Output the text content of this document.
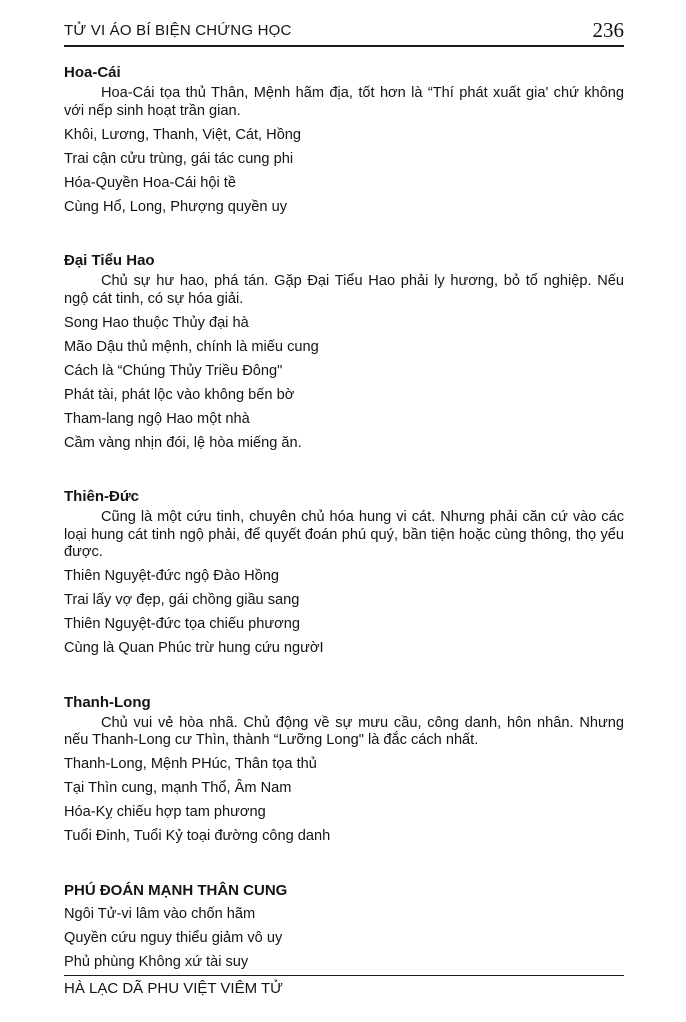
TỬ VI ÁO BÍ BIỆN CHỨNG HỌC	236
Hoa-Cái

Hoa-Cái tọa thủ Thân, Mệnh hãm địa, tốt hơn là “Thí phát xuất gia' chứ không với nếp sinh hoạt trần gian.

Khôi, Lương, Thanh, Việt, Cát, Hồng

Trai cận cửu trùng, gái tác cung phi

Hóa-Quyền Hoa-Cái hội tề

Cùng Hổ, Long, Phượng quyền uy

Đại Tiểu Hao

Chủ sự hư hao, phá tán. Gặp Đại Tiểu Hao phải ly hương, bỏ tổ nghiệp. Nếu ngộ cát tinh, có sự hóa giải.

Song Hao thuộc Thủy đại hà

Mão Dậu thủ mệnh, chính là miếu cung

Cách là “Chúng Thủy Triều Đông"

Phát tài, phát lộc vào không bến bờ

Tham-lang ngộ Hao một nhà

Cầm vàng nhịn đói, lệ hòa miếng ăn.

Thiên-Đức

Cũng là một cứu tinh, chuyên chủ hóa hung vi cát. Nhưng phải căn cứ vào các loại hung cát tinh ngộ phải, để quyết đoán phú quý, bần tiện hoặc cùng thông, thọ yểu được.

Thiên Nguyệt-đức ngộ Đào Hồng

Trai lấy vợ đẹp, gái chồng giầu sang

Thiên Nguyệt-đức tọa chiếu phương

Cùng là Quan Phúc trừ hung cứu ngườI

Thanh-Long

Chủ vui vẻ hòa nhã. Chủ động về sự mưu cầu, công danh, hôn nhân. Nhưng nếu Thanh-Long cư Thìn, thành “Lưỡng Long" là đắc cách nhất.

Thanh-Long, Mệnh PHúc, Thân tọa thủ

Tại Thìn cung, mạnh Thổ, Âm Nam

Hóa-Kỵ chiếu hợp tam phương

Tuổi Đinh, Tuổi Kỷ toại đường công danh

PHÚ ĐOÁN MẠNH THÂN CUNG

Ngôi Tử-vi lâm vào chốn hãm

Quyền cứu nguy thiểu giảm vô uy

Phủ phùng Không xứ tài suy

HÀ LẠC DÃ PHU VIỆT VIÊM TỬ
